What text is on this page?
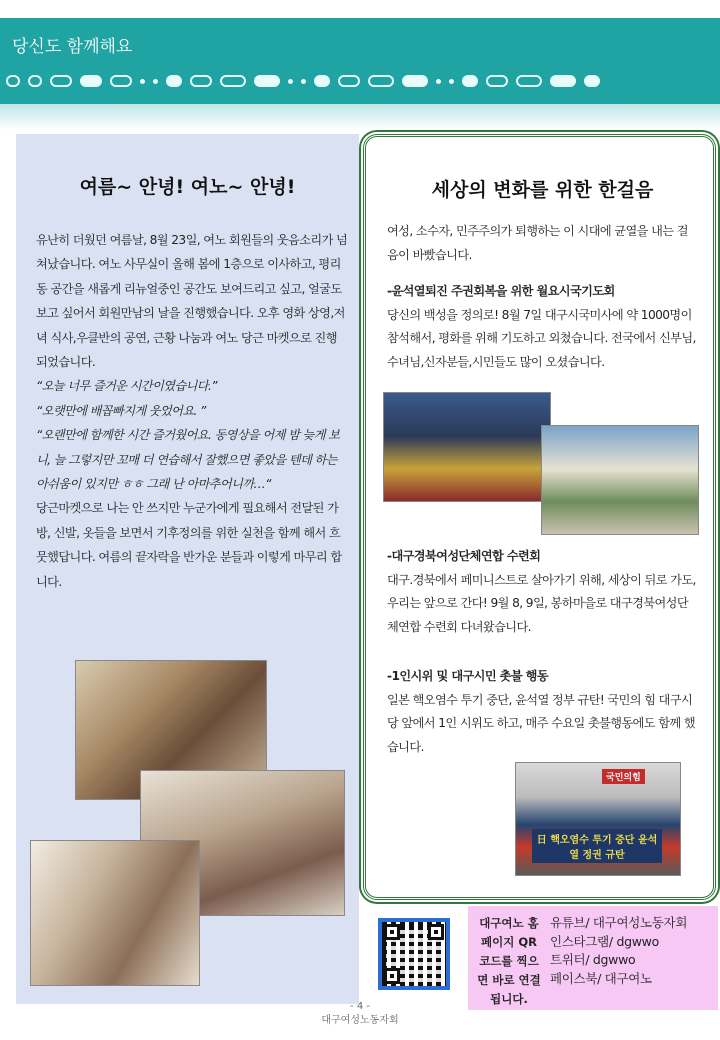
당신도 함께해요
여름~ 안녕! 여노~ 안녕!

유난히 더웠던 여름날, 8월 23일, 여노 회원들의 웃음소리가 넘쳐났습니다. 여노 사무실이 올해 봄에 1층으로 이사하고, 평리동 공간을 새롭게 리뉴얼중인 공간도 보여드리고 싶고, 얼굴도 보고 싶어서 회원만남의 날을 진행했습니다. 오후 영화 상영,저녁 식사,우클반의 공연, 근황 나눔과 여노 당근 마켓으로 진행되었습니다.

“오늘 너무 즐거운 시간이였습니다.”

“오랫만에 배꼽빠지게 웃었어요. ”

“오랜만에 함께한 시간 즐거웠어요. 동영상을 어제 밤 늦게 보니, 늘 그렇지만 꼬매 더 연습해서 잘했으면 좋았을 텐데 하는 아쉬움이 있지만 ㅎㅎ 그래 난 아마추어니까…“

당근마켓으로 나는 안 쓰지만 누군가에게 필요해서 전달된 가방, 신발, 옷들을 보면서 기후정의를 위한 실천을 함께 해서 흐뭇했답니다. 여름의 끝자락을 반가운 분들과 이렇게 마무리 합니다.

세상의 변화를 위한 한걸음
여성, 소수자, 민주주의가 퇴행하는 이 시대에 균열을 내는 걸음이 바빴습니다.
-윤석열퇴진 주권회복을 위한 월요시국기도회
당신의 백성을 정의로! 8월 7일 대구시국미사에 약 1000명이 참석해서, 평화를 위해 기도하고 외쳤습니다. 전국에서 신부님,수녀님,신자분들,시민들도 많이 오셨습니다.
-대구경북여성단체연합 수련회
대구.경북에서 페미니스트로 살아가기 위해, 세상이 뒤로 가도, 우리는 앞으로 간다! 9월 8, 9일, 봉하마을로 대구경북여성단체연합 수련회 다녀왔습니다.
-1인시위 및 대구시민 촛불 행동
일본 핵오염수 투기 중단, 윤석열 정부 규탄! 국민의 힘 대구시당 앞에서 1인 시위도 하고, 매주 수요일 촛불행동에도 함께 했습니다.
국민의힘
日 핵오염수 투기 중단 윤석열 정권 규탄
대구여노 홈페이지 QR 코드를 찍으면 바로 연결됩니다.
유튜브/ 대구여성노동자회
인스타그램/ dgwwo
트위터/ dgwwo
페이스북/ 대구여노
- 4 -
대구여성노동자회
